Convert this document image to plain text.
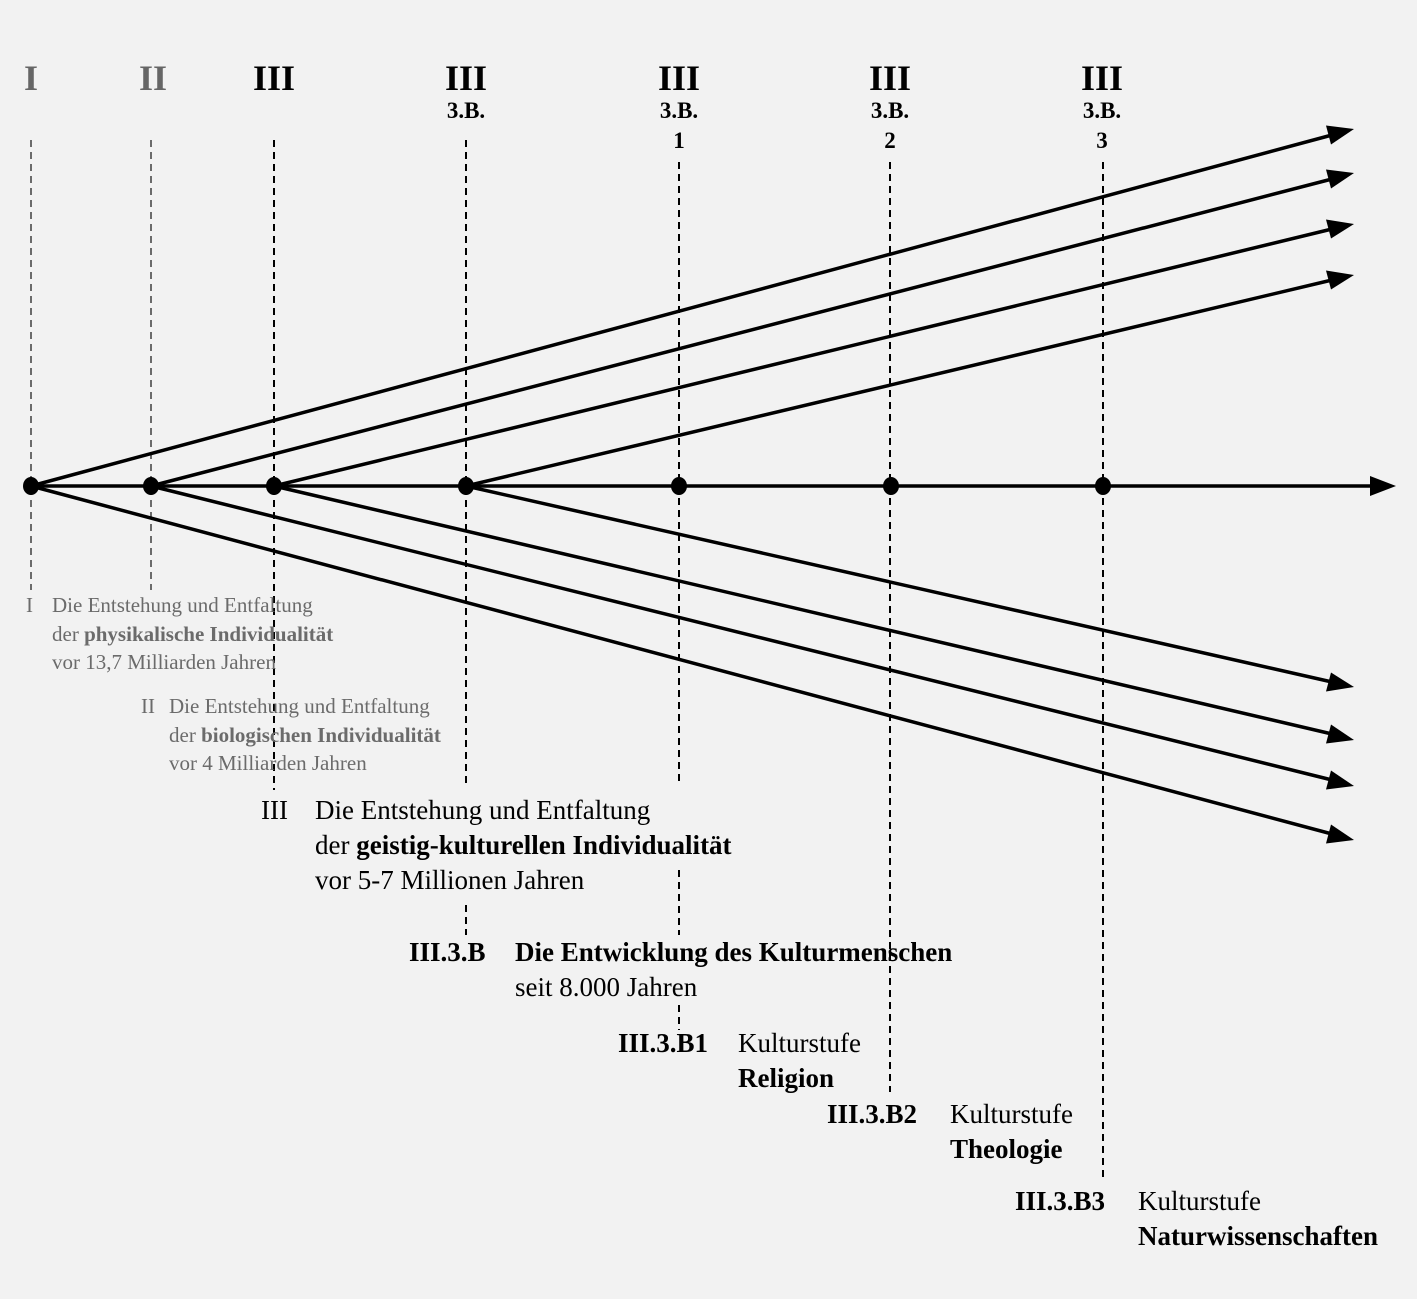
I	II	III	III
3.B.
III
3.B.
1
III
3.B.
2
III
3.B.
3
I Die Entstehung und Entfaltung
der physikalische Individualität
vor 13,7 Milliarden Jahren
II Die Entstehung und Entfaltung
der biologischen Individualität
vor 4 Milliarden Jahren
III Die Entstehung und Entfaltung
der geistig-kulturellen Individualität
vor 5-7 Millionen Jahren
III.3.B Die Entwicklung des Kulturmenschen
seit 8.000 Jahren
III.3.B1 Kulturstufe
Religion
III.3.B2 Kulturstufe
Theologie
III.3.B3 Kulturstufe
Naturwissenschaften
